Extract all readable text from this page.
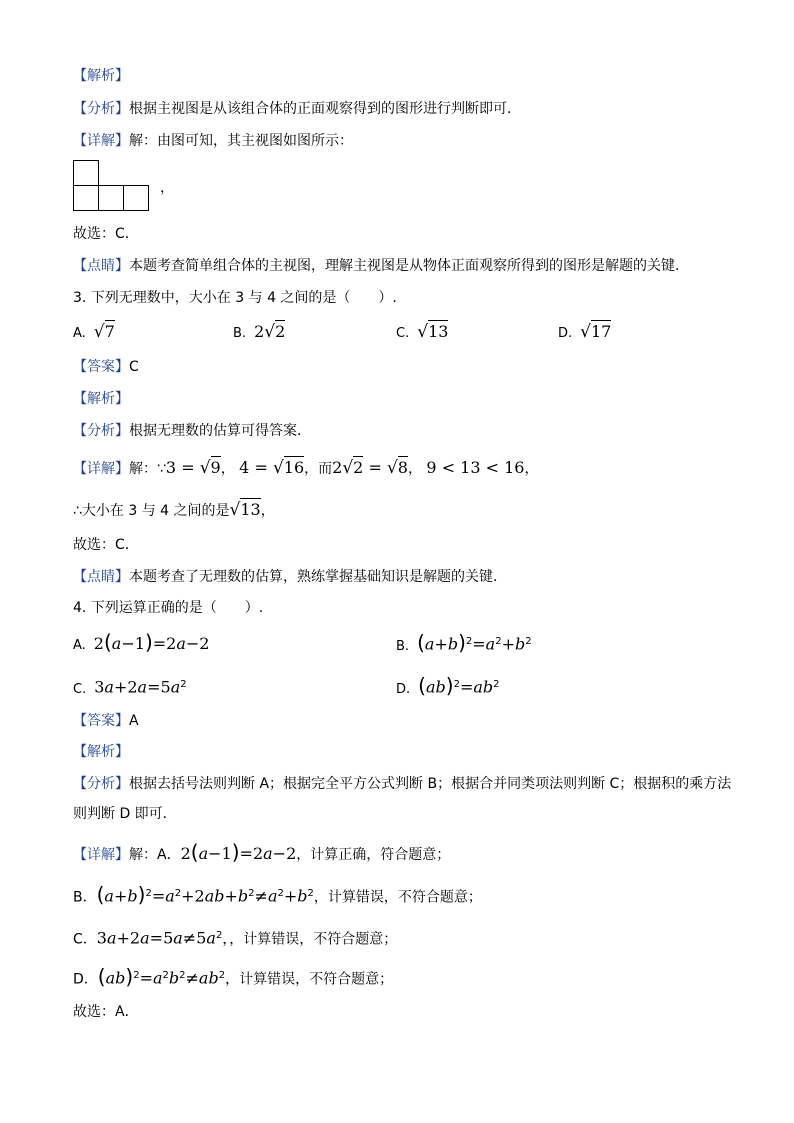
【解析】
【分析】根据主视图是从该组合体的正面观察得到的图形进行判断即可．
【详解】解：由图可知，其主视图如图所示：
，
故选：C．
【点睛】本题考查简单组合体的主视图，理解主视图是从物体正面观察所得到的图形是解题的关键．
3. 下列无理数中，大小在 3 与 4 之间的是（　　）.
A. √7	B. 2√2	C. √13	D. √17
【答案】C
【解析】
【分析】根据无理数的估算可得答案．
【详解】解：∵3 = √9， 4 = √16，而2√2 = √8， 9 < 13 < 16，
∴大小在 3 与 4 之间的是√13，
故选：C．
【点睛】本题考查了无理数的估算，熟练掌握基础知识是解题的关键．
4. 下列运算正确的是（　　）.
A. 2(a−1)=2a−2	B. $(a+b)^2=a^2+b^2$
C. $3a+2a=5a^2$	D. $(ab)^2=ab^2$
【答案】A
【解析】
【分析】根据去括号法则判断 A；根据完全平方公式判断 B；根据合并同类项法则判断 C；根据积的乘方法
则判断 D 即可．
【详解】解：A．2(a−1)=2a−2，计算正确，符合题意；
B．$(a+b)^2=a^2+2ab+b^2\ne a^2+b^2$，计算错误，不符合题意；
C．$3a+2a=5a\ne 5a^2$，，计算错误，不符合题意；
D．$(ab)^2=a^2b^2\ne ab^2$，计算错误，不符合题意；
故选：A．
